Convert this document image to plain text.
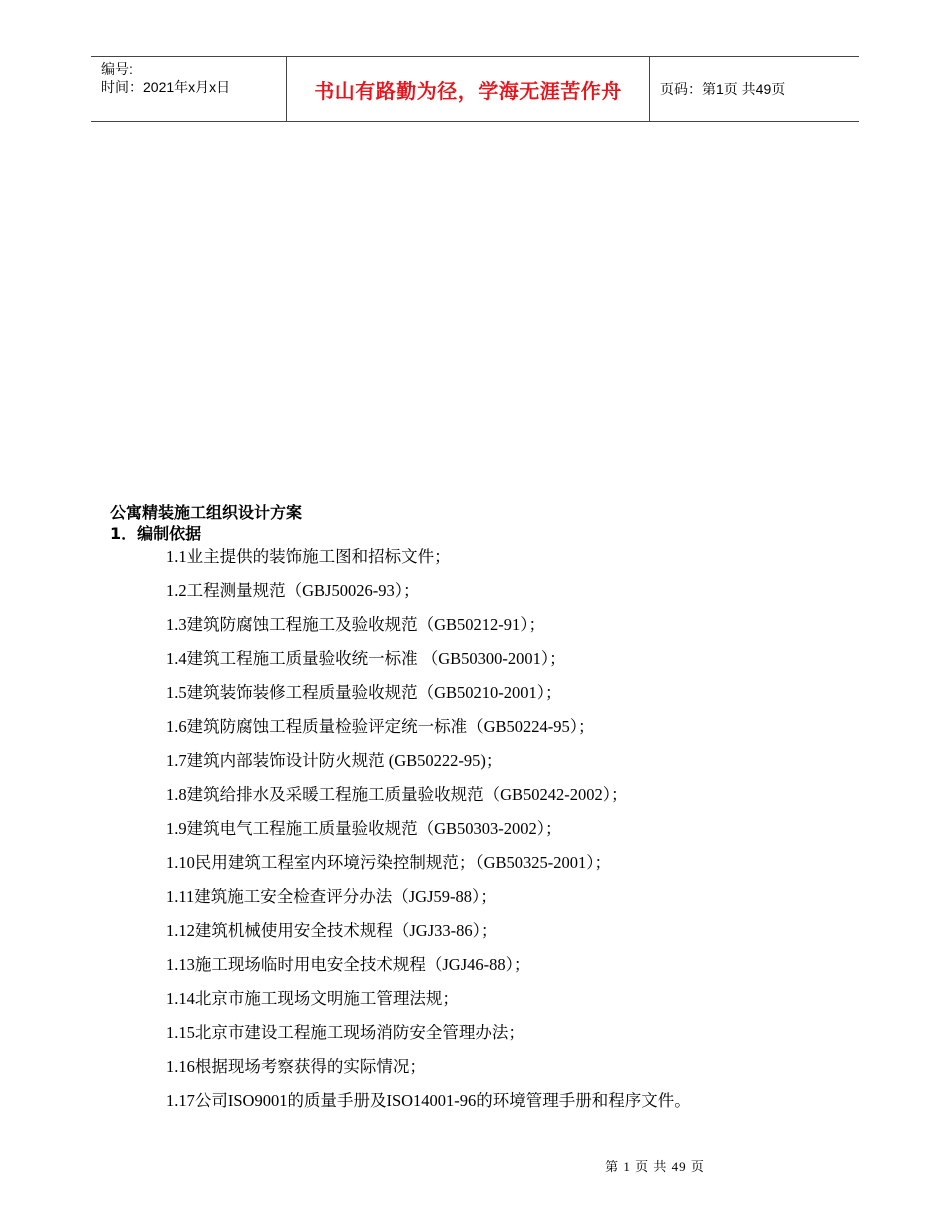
编号:
时间：2021年x月x日	书山有路勤为径，学海无涯苦作舟	页码：第1页 共49页
公寓精装施工组织设计方案
1．编制依据
1.1业主提供的装饰施工图和招标文件；
1.2工程测量规范（GBJ50026-93）；
1.3建筑防腐蚀工程施工及验收规范（GB50212-91）；
1.4建筑工程施工质量验收统一标准 （GB50300-2001）；
1.5建筑装饰装修工程质量验收规范（GB50210-2001）；
1.6建筑防腐蚀工程质量检验评定统一标准（GB50224-95）；
1.7建筑内部装饰设计防火规范 (GB50222-95)；
1.8建筑给排水及采暖工程施工质量验收规范（GB50242-2002）；
1.9建筑电气工程施工质量验收规范（GB50303-2002）；
1.10民用建筑工程室内环境污染控制规范；（GB50325-2001）；
1.11建筑施工安全检查评分办法（JGJ59-88）；
1.12建筑机械使用安全技术规程（JGJ33-86）；
1.13施工现场临时用电安全技术规程（JGJ46-88）；
1.14北京市施工现场文明施工管理法规；
1.15北京市建设工程施工现场消防安全管理办法；
1.16根据现场考察获得的实际情况；
1.17公司ISO9001的质量手册及ISO14001-96的环境管理手册和程序文件。
第 1 页 共 49 页
